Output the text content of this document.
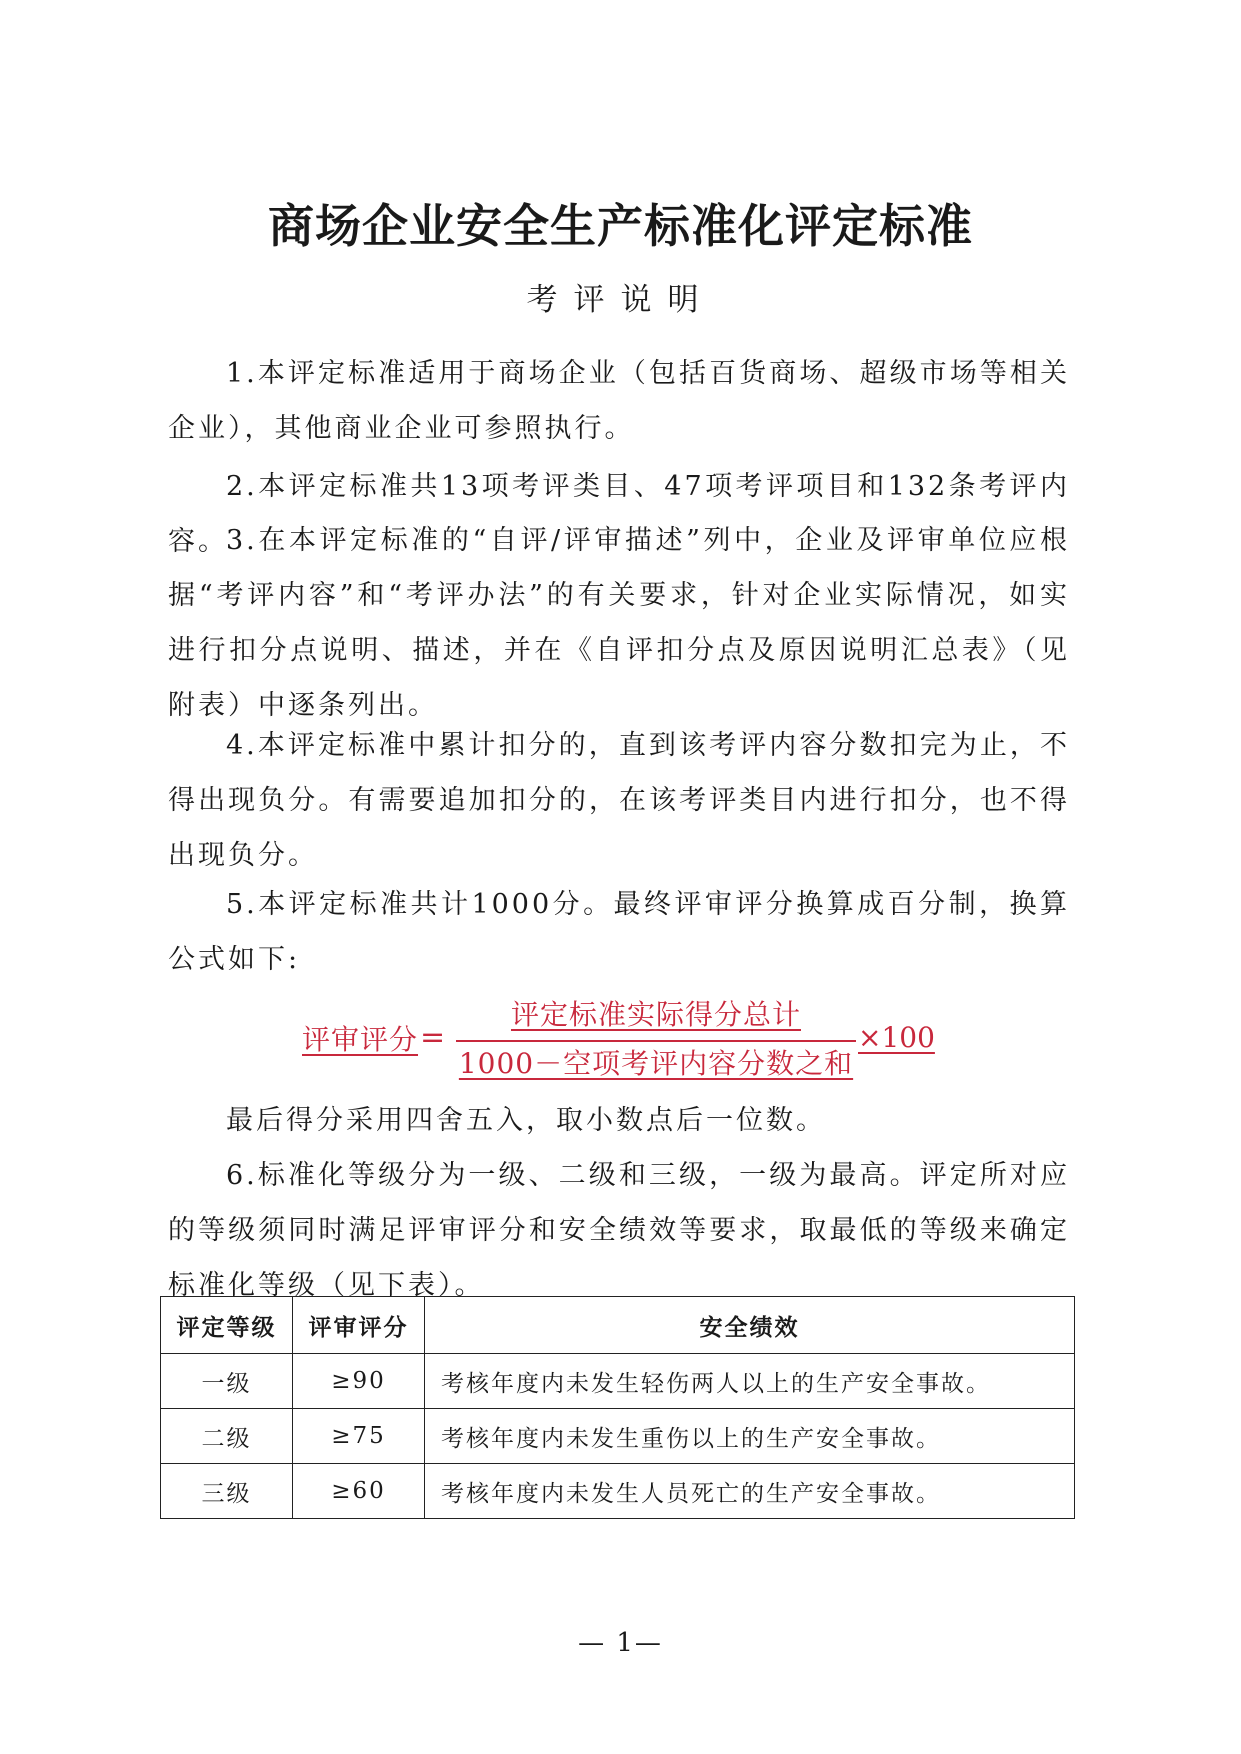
商场企业安全生产标准化评定标准
考评说明

1.本评定标准适用于商场企业（包括百货商场、超级市场等相关企业），其他商业企业可参照执行。

2.本评定标准共13项考评类目、47项考评项目和132条考评内容。

3.在本评定标准的“自评/评审描述”列中，企业及评审单位应根据“考评内容”和“考评办法”的有关要求，针对企业实际情况，如实进行扣分点说明、描述，并在《自评扣分点及原因说明汇总表》（见附表）中逐条列出。

4.本评定标准中累计扣分的，直到该考评内容分数扣完为止，不得出现负分。有需要追加扣分的，在该考评类目内进行扣分，也不得出现负分。

5.本评定标准共计1000分。最终评审评分换算成百分制，换算公式如下:

评审评分 =
评定标准实际得分总计
1000－空项考评内容分数之和
×100

最后得分采用四舍五入，取小数点后一位数。

6.标准化等级分为一级、二级和三级，一级为最高。评定所对应的等级须同时满足评审评分和安全绩效等要求，取最低的等级来确定标准化等级（见下表）。

评定等级	评审评分	安全绩效
一级	≥90	考核年度内未发生轻伤两人以上的生产安全事故。
二级	≥75	考核年度内未发生重伤以上的生产安全事故。
三级	≥60	考核年度内未发生人员死亡的生产安全事故。
— 1—
